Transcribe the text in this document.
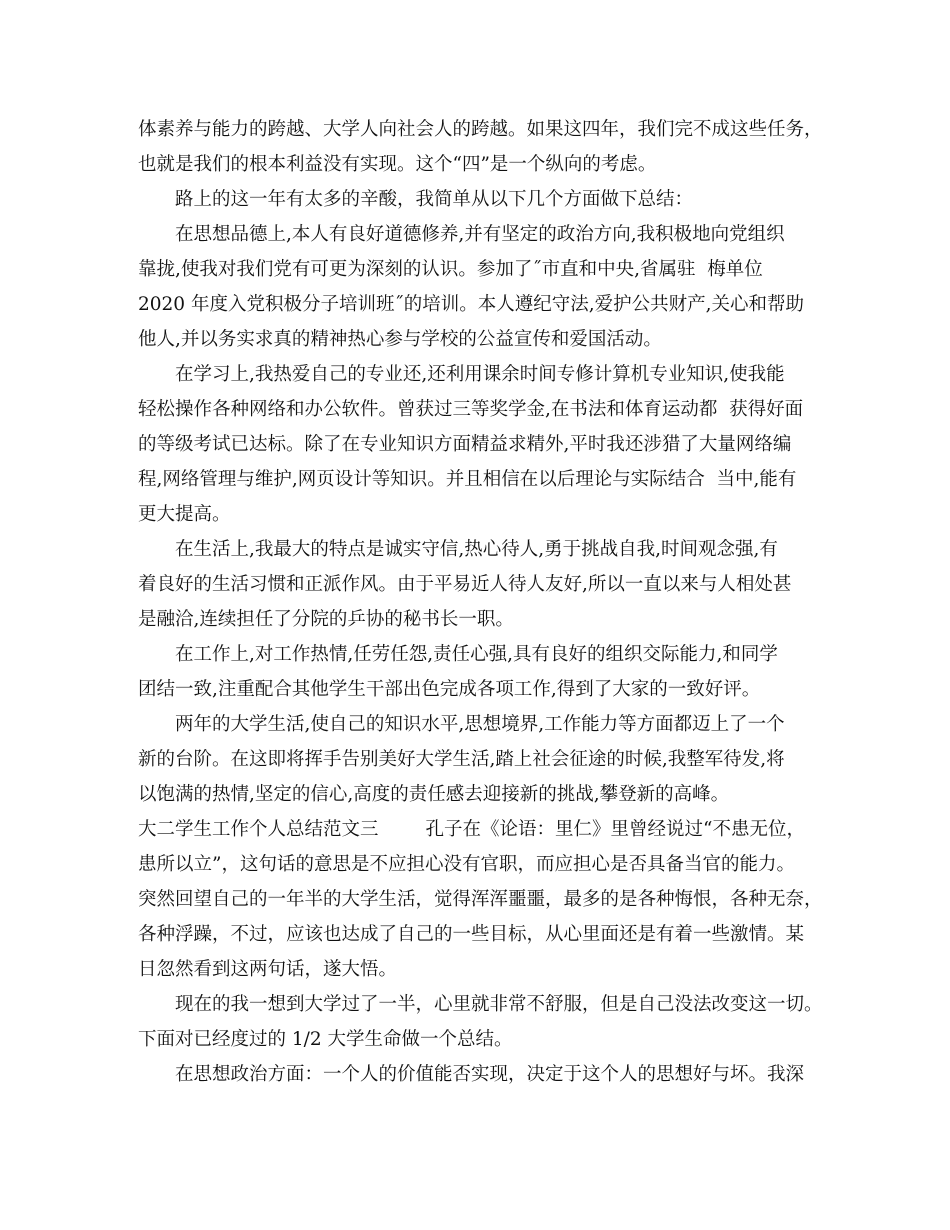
体素养与能力的跨越、大学人向社会人的跨越。如果这四年，我们完不成这些任务，
也就是我们的根本利益没有实现。这个“四”是一个纵向的考虑。
路上的这一年有太多的辛酸，我简单从以下几个方面做下总结：
在思想品德上,本人有良好道德修养,并有坚定的政治方向,我积极地向党组织
靠拢,使我对我们党有可更为深刻的认识。参加了˝市直和中央,省属驻  梅单位
2020 年度入党积极分子培训班˝的培训。本人遵纪守法,爱护公共财产,关心和帮助
他人,并以务实求真的精神热心参与学校的公益宣传和爱国活动。
在学习上,我热爱自己的专业还,还利用课余时间专修计算机专业知识,使我能
轻松操作各种网络和办公软件。曾获过三等奖学金,在书法和体育运动都  获得好面
的等级考试已达标。除了在专业知识方面精益求精外,平时我还涉猎了大量网络编
程,网络管理与维护,网页设计等知识。并且相信在以后理论与实际结合  当中,能有
更大提高。
在生活上,我最大的特点是诚实守信,热心待人,勇于挑战自我,时间观念强,有
着良好的生活习惯和正派作风。由于平易近人待人友好,所以一直以来与人相处甚
是融洽,连续担任了分院的乒协的秘书长一职。
在工作上,对工作热情,任劳任怨,责任心强,具有良好的组织交际能力,和同学
团结一致,注重配合其他学生干部出色完成各项工作,得到了大家的一致好评。
两年的大学生活,使自己的知识水平,思想境界,工作能力等方面都迈上了一个
新的台阶。在这即将挥手告别美好大学生活,踏上社会征途的时候,我整军待发,将
以饱满的热情,坚定的信心,高度的责任感去迎接新的挑战,攀登新的高峰。
大二学生工作个人总结范文三        孔子在《论语：里仁》里曾经说过“不患无位，
患所以立”，这句话的意思是不应担心没有官职，而应担心是否具备当官的能力。
突然回望自己的一年半的大学生活，觉得浑浑噩噩，最多的是各种悔恨，各种无奈，
各种浮躁，不过，应该也达成了自己的一些目标，从心里面还是有着一些激情。某
日忽然看到这两句话，遂大悟。
现在的我一想到大学过了一半，心里就非常不舒服，但是自己没法改变这一切。
下面对已经度过的 1/2 大学生命做一个总结。
在思想政治方面：一个人的价值能否实现，决定于这个人的思想好与坏。我深
